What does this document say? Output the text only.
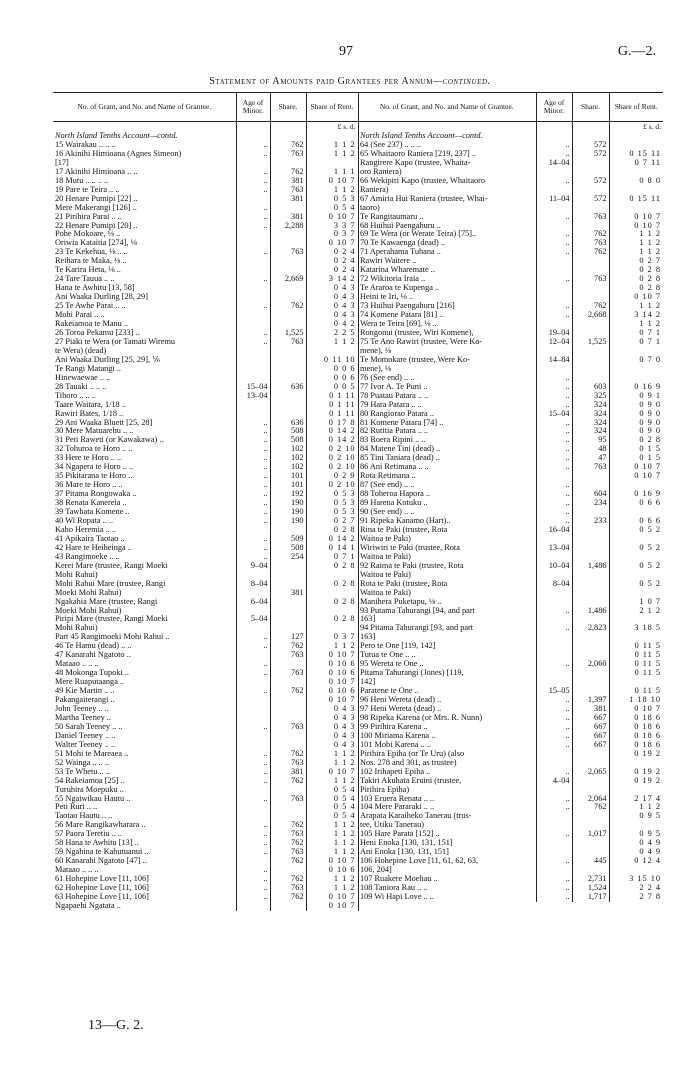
97	G.—2.
Statement of Amounts paid Grantees per Annum—continued.
No. of Grant, and No. and Name of Grantee.	Age of Minor.	Share.	Share of Rent.
			£ s. d.
North Island Tenths Account—contd.			
15 Wairakau .. .. ..	..	762	1 1 2
16 Akinihi Himioana (Agnes Simeon)	..	763	1 1 2
[17]			
17 Akinihi Himioana .. ..	..	762	1 1 1
18 Mutu .. .. .. ..	..	381	0 10 7
19 Pare te Teira .. ..	..	763	1 1 2
20 Henare Pumipi [22] ..		381	0 5 3
Mere Makerangi [126] ..	..		0 5 4
21 Pirihira Parai .. ..	..	381	0 10 7
22 Henare Pumipi [20] ..	..	2,288	3 3 7
Pohe Mokoare, ⅛ ..			0 3 7
Oriwia Kataitia [274], ⅛			0 10 7
23 Te Kekehua, ⅛ .. ..	..	763	0 2 4
Reihara te Maka, ⅛ ..			0 2 4
Te Karira Heta, ⅛ ..			0 2 4
24 Tare Tauua .. ..	..	2,669	3 14 2
Hana te Awhitu [13, 58]			0 4 3
Ani Waaka Durling [28, 29]			0 4 3
25 Te Awhe Parai .. ..	..	762	0 4 3
Mohi Parai .. ..			0 4 3
Rakeiamoa te Manu ..			0 4 2
26 Toroa Pekamu [233] ..	..	1,525	2 2 5
27 Piaki te Wera (or Tamati Wiremu	..	763	1 1 2
te Wera) (dead)			
Ani Waaka Durling [25, 29], ⅙			0 11 10
Te Rangi Matangi ..			0 0 6
Hinewaewae .. ..			0 0 6
28 Tauaki .. .. ..	15–04	636	0 0 5
Tihoro .. .. ..	13–04		0 1 11
Taare Waitara, 1/18 ..			0 1 11
Rawiri Bates, 1/18 ..			0 1 11
29 Ani Waaka Bluett [25, 28]	..	636	0 17 8
30 Mere Matuarehu .. ..	..	508	0 14 2
31 Peti Raweti (or Kawakawa) ..	..	508	0 14 2
32 Tohuroa te Horo .. ..	..	102	0 2 10
33 Here te Horo .. ..	..	102	0 2 10
34 Ngapera te Horo .. ..	..	102	0 2 10
35 Pikitarana te Horo ..	..	101	0 2 9
36 Mare te Horo .. ..	..	101	0 2 10
37 Pitama Rongowaka ..	..	192	0 5 3
38 Renata Kanereia ..	..	190	0 5 3
39 Tawhata Komene ..	..	190	0 5 3
40 Wi Ropata .. ..	..	190	0 2 7
Kaho Heremia .. ..			0 2 8
41 Apikaira Taotao ..	..	509	0 14 2
42 Hare te Heiheinga ..	..	508	0 14 1
43 Rangimoeke .. ..	..	254	0 7 1
Kerei Mare (trustee, Rangi Moeki	9–04		0 2 8
Mohi Rahui)			
Mohi Rahui Mare (trustee, Rangi	8–04		0 2 8
Moeki Mohi Rahui)		381	
Ngakahia Mare (trustee, Rangi	6–04		0 2 8
Moeki Mohi Rahui)			
Piripi Mare (trustee, Rangi Moeki	5–04		0 2 8
Mohi Rahui)			
Part 45 Rangimoeki Mohi Rahui ..	..	127	0 3 7
46 Te Hamu (dead) .. ..	..	762	1 1 2
47 Kanarahi Ngatoto ..		763	0 10 7
Mataao .. .. ..	..		0 10 6
48 Mokonga Tupoki ..	..	763	0 10 6
Mere Ruaputaanga ..			0 10 7
49 Kie Martin .. ..	..	762	0 10 6
Pakangaiterangi ..			0 10 7
John Teeney .. ..			0 4 3
Martha Teeney ..			0 4 3
50 Sarah Teeney .. ..	..	763	0 4 3
Daniel Teeney .. ..			0 4 3
Walter Teeney .. ..			0 4 3
51 Mohi te Mareaea ..	..	762	1 1 2
52 Wainga .. .. ..	..	763	1 1 2
53 Te Whetu .. ..	..	381	0 10 7
54 Rakeiamoa [25] ..	..	762	1 1 2
Turuhira Moepuku ..			0 5 4
55 Ngaiwikau Hautu ..	..	763	0 5 4
Peti Ruri .. ..			0 5 4
Taotao Hautu .. ..			0 5 4
56 Mare Rangikawharara ..	..	762	1 1 2
57 Paora Teretiu .. ..	..	763	1 1 2
58 Hana te Awhitu [13] ..	..	762	1 1 2
59 Ngahina te Kahutuanui ..	..	763	1 1 2
60 Kanarahi Ngatoto [47] ..		762	0 10 7
Mataao .. .. ..	..		0 10 6
61 Hohepine Love [11, 106]	..	762	1 1 2
62 Hohepine Love [11, 106]	..	763	1 1 2
63 Hohepine Love [11, 106]	..	762	0 10 7
Ngapaehi Ngatata ..			0 10 7
No. of Grant, and No. and Name of Grantee.	Age of Minor.	Share.	Share of Rent.
			£ s. d.
North Island Tenths Account—contd.			
64 (See 237) .. .. ..	..	572	
65 Whaitaoro Raniera [219, 237] ..	..	572	0 15 11
Rangirere Kapo (trustee, Whaita-	14–04		0 7 11
oro Raniera)			
66 Wekipiri Kapo (trustee, Whaitaoro	..	572	0 8 0
Raniera)			
67 Amiria Hui Raniera (trustee, Whai-	11–04	572	0 15 11
taoro)			
Te Rangitaumaru ..	..	763	0 10 7
68 Huihui Paengahuru ..			0 10 7
69 Te Wera (or Werate Teira) [75]..	..	762	1 1 2
70 Te Kawaenga (dead) ..	..	763	1 1 2
71 Aperahama Tuhana ..	..	762	1 1 2
Rawiri Waitere ..			0 2 7
Katarina Wharemate ..			0 2 8
72 Wikitoria Iraia ..	..	763	0 2 8
Te Araroa te Kupenga ..			0 2 8
Heini te Iri, ⅛ ..			0 10 7
73 Huihui Paengahuru [216]	..	762	1 1 2
74 Komene Patara [81] ..	..	2,668	3 14 2
Wera te Teira [69], ⅛ ..			1 1 2
Rongonui (trustee, Wiri Komene),	19–04		0 7 1
75 Te Ano Rawiri (trustee, Were Ko-	12–04	1,525	0 7 1
mene), ⅛			
Te Momokare (trustee, Were Ko-	14–84		0 7 0
mene), ⅛			
76 (See end) .. ..	..		
77 Ivor A. Te Puni ..	..	603	0 16 9
78 Puatau Patara .. ..	..	325	0 9 1
79 Hara Patara .. ..	..	324	0 9 0
80 Rangiorao Patara ..	15–04	324	0 9 0
81 Komene Patara [74] ..	..	324	0 9 0
82 Rutitia Patara .. ..	..	324	0 9 0
83 Roera Ripini .. ..	..	95	0 2 8
84 Matene Tini (dead) ..	..	48	0 1 5
85 Tini Taniara (dead) ..	..	47	0 1 5
86 Ani Retimana .. ..	..	763	0 10 7
Rota Retimana ..			0 10 7
87 (See end) .. ..	..		
88 Toheroa Hapora ..	..	604	0 16 9
89 Harena Kotuku ..	..	234	0 6 6
90 (See end) .. ..	..		
91 Ripeka Kanamo (Hart)..	..	233	0 6 6
Rina te Paki (trustee, Rota	16–04		0 5 2
Waitoa te Paki)			
Wiriwiri te Paki (trustee, Rota	13–04		0 5 2
Waitoa te Paki)			
92 Raima te Paki (trustee, Rota	10–04	1,486	0 5 2
Waitoa te Paki)			
Rota te Paki (trustee, Rota	8–04		0 5 2
Waitoa te Paki)			
Manihera Puketapu, ⅛ ..			1 0 7
93 Putama Tahurangi [94, and part	..	1,486	2 1 2
163]			
94 Pitama Tahurangi [93, and part	..	2,823	3 18 5
163]			
Pero te One [119, 142]			0 11 5
Tutua te One .. ..			0 11 5
95 Wereta te One ..	..	2,060	0 11 5
Pitama Tahurangi (Jones) [119,			0 11 5
142]			
Paratene te One ..	15–05		0 11 5
96 Heni Wereta (dead) ..	..	1,397	1 18 10
97 Heni Wereta (dead) ..	..	381	0 10 7
98 Ripeka Karena (or Mrs. R. Nunn)	..	667	0 18 6
99 Pirihira Karena ..	..	667	0 18 6
100 Miriama Karena ..	..	667	0 18 6
101 Mobi Karena .. ..	..	667	0 18 6
Pirihira Epiha (or Te Uru) (also			0 19 2
Nos. 278 and 301, as trustee)			
102 Irihapeti Epiha ..	..	2,065	0 19 2
Takiri Akuhata Eruini (trustee,	4–04		0 19 2
Pirihira Epiha)			
103 Eruera Renata .. ..	..	2,064	2 17 4
104 Mere Pararaki .. ..	..	762	1 1 2
Arapata Karaiheko Tanerau (trus-			0 9 5
tee, Utiku Tanerau)			
105 Hare Parata [152] ..	..	1,017	0 9 5
Heni Enoka [130, 131, 151]			0 4 9
Ani Enoka [130, 131, 151]			0 4 9
106 Hohepine Love [11, 61, 62, 63,	..	445	0 12 4
106, 204]			
107 Ruakere Moehau ..	..	2,731	3 15 10
108 Taniora Rau .. ..	..	1,524	2 2 4
109 Wi Hapi Love .. ..	..	1,717	2 7 8
13—G. 2.
